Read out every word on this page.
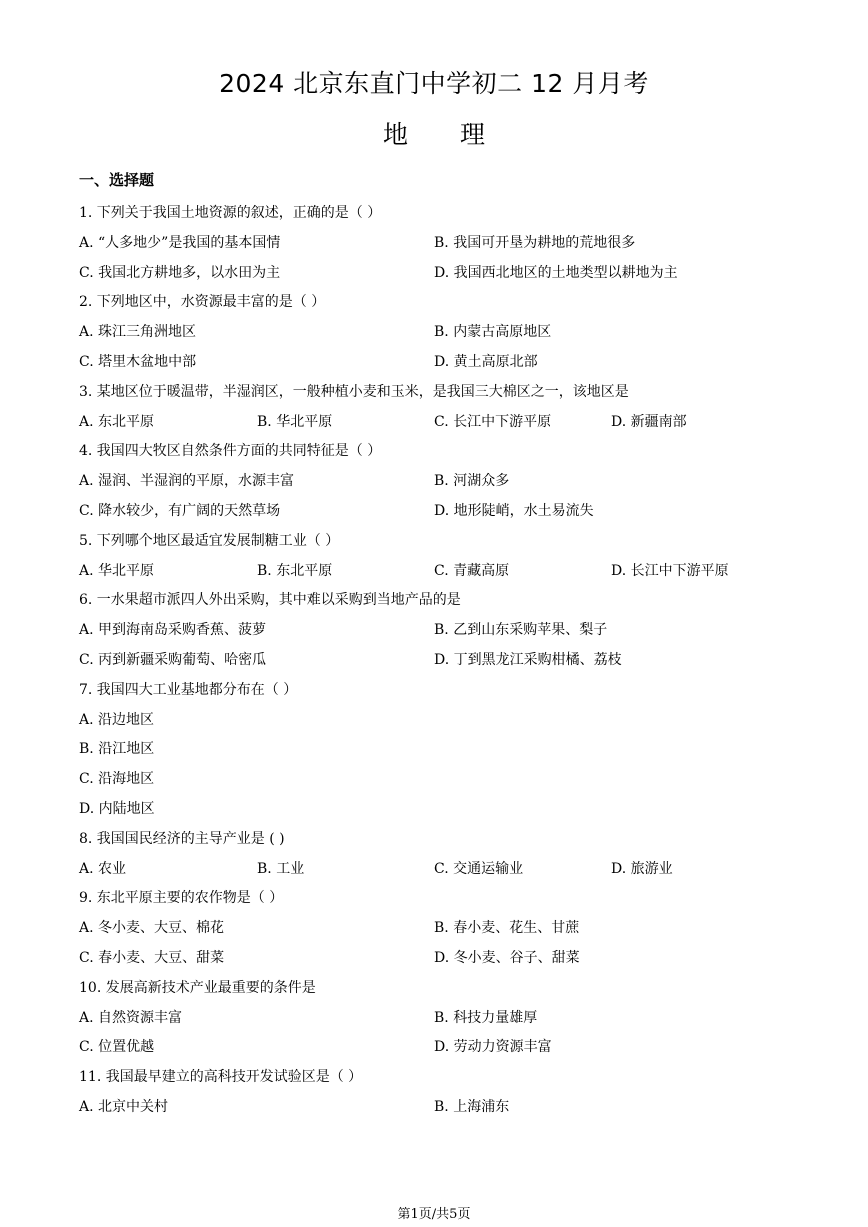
2024 北京东直门中学初二 12 月月考
地 理
一、选择题
1. 下列关于我国土地资源的叙述，正确的是（ ）
A. “人多地少”是我国的基本国情	B. 我国可开垦为耕地的荒地很多
C. 我国北方耕地多，以水田为主	D. 我国西北地区的土地类型以耕地为主
2. 下列地区中，水资源最丰富的是（ ）
A. 珠江三角洲地区	B. 内蒙古高原地区
C. 塔里木盆地中部	D. 黄土高原北部
3. 某地区位于暖温带，半湿润区，一般种植小麦和玉米，是我国三大棉区之一，该地区是
A. 东北平原	B. 华北平原	C. 长江中下游平原	D. 新疆南部
4. 我国四大牧区自然条件方面的共同特征是（ ）
A. 湿润、半湿润的平原，水源丰富	B. 河湖众多
C. 降水较少，有广阔的天然草场	D. 地形陡峭，水土易流失
5. 下列哪个地区最适宜发展制糖工业（ ）
A. 华北平原	B. 东北平原	C. 青藏高原	D. 长江中下游平原
6. 一水果超市派四人外出采购，其中难以采购到当地产品的是
A. 甲到海南岛采购香蕉、菠萝	B. 乙到山东采购苹果、梨子
C. 丙到新疆采购葡萄、哈密瓜	D. 丁到黑龙江采购柑橘、荔枝
7. 我国四大工业基地都分布在（ ）
A. 沿边地区
B. 沿江地区
C. 沿海地区
D. 内陆地区
8. 我国国民经济的主导产业是 ( )
A. 农业	B. 工业	C. 交通运输业	D. 旅游业
9. 东北平原主要的农作物是（ ）
A. 冬小麦、大豆、棉花	B. 春小麦、花生、甘蔗
C. 春小麦、大豆、甜菜	D. 冬小麦、谷子、甜菜
10. 发展高新技术产业最重要的条件是
A. 自然资源丰富	B. 科技力量雄厚
C. 位置优越	D. 劳动力资源丰富
11. 我国最早建立的高科技开发试验区是（ ）
A. 北京中关村	B. 上海浦东
第1页/共5页
